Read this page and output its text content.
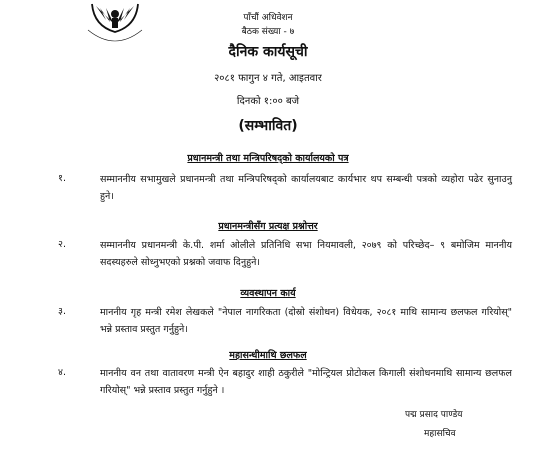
पाँचौं अधिवेशन
बैठक संख्या - ७
दैनिक कार्यसूची
२०८१ फागुन ४ गते, आइतवार
दिनको १:०० बजे
(सम्भावित)
प्रधानमन्त्री तथा मन्त्रिपरिषद्को कार्यालयको पत्र
१.	सम्माननीय सभामुखले प्रधानमन्त्री तथा मन्त्रिपरिषद्को कार्यालयबाट कार्यभार थप सम्बन्धी पत्रको व्यहोरा पढेर सुनाउनु हुने।
प्रधानमन्त्रीसँग प्रत्यक्ष प्रश्नोत्तर
२.	सम्माननीय प्रधानमन्त्री के.पी. शर्मा ओलीले प्रतिनिधि सभा नियमावली, २०७९ को परिच्छेद– ९ बमोजिम माननीय सदस्यहरुले सोध्नुभएको प्रश्नको जवाफ दिनुहुने।
व्यवस्थापन कार्य
३.	माननीय गृह मन्त्री रमेश लेखकले "नेपाल नागरिकता (दोस्रो संशोधन) विधेयक, २०८१ माथि सामान्य छलफल गरियोस्" भन्ने प्रस्ताव प्रस्तुत गर्नुहुने।
महासन्धीमाथि छलफल
४.	माननीय वन तथा वातावरण मन्त्री ऐन बहादुर शाही ठकुरीले "मोन्ट्रियल प्रोटोकल किगाली संशोधनमाथि सामान्य छलफल गरियोस्" भन्ने प्रस्ताव प्रस्तुत गर्नुहुने ।
पद्म प्रसाद पाण्डेय
महासचिव
